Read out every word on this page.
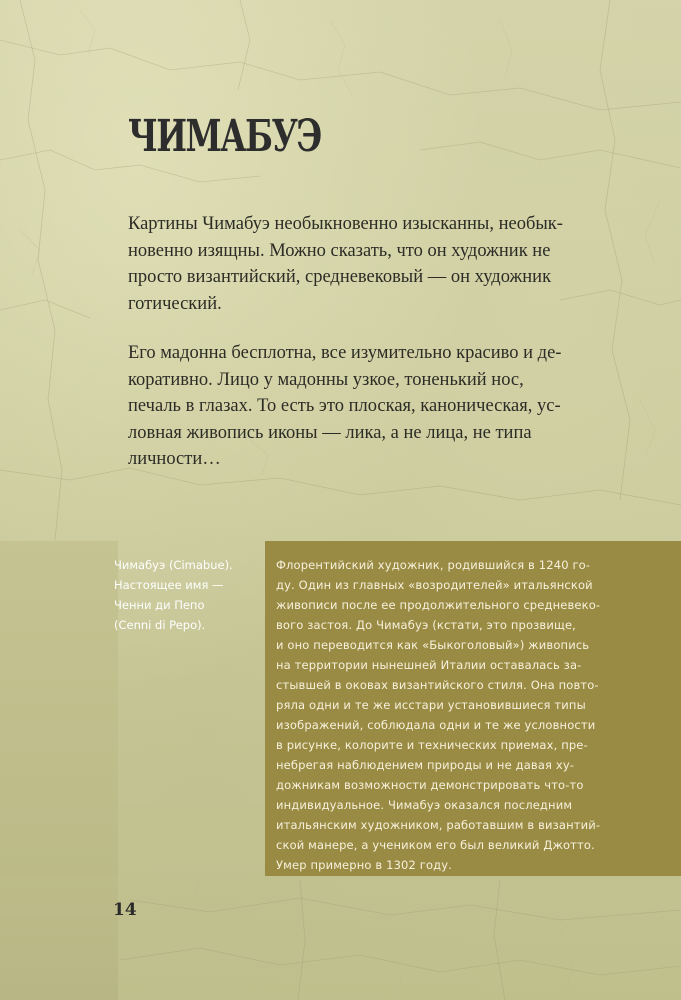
ЧИМАБУЭ

Картины Чимабуэ необыкновенно изысканны, необык-
новенно изящны. Можно сказать, что он художник не
просто византийский, средневековый — он художник
готический.

Его мадонна бесплотна, все изумительно красиво и де-
коративно. Лицо у мадонны узкое, тоненький нос,
печаль в глазах. То есть это плоская, каноническая, ус-
ловная живопись иконы — лика, а не лица, не типа
личности…

Чимабуэ (Cimabue).
Настоящее имя —
Ченни ди Пепо
(Cenni di Pepo).

Флорентийский художник, родившийся в 1240 го-
ду. Один из главных «возродителей» итальянской
живописи после ее продолжительного средневеко-
вого застоя. До Чимабуэ (кстати, это прозвище,
и оно переводится как «Быкоголовый») живопись
на территории нынешней Италии оставалась за-
стывшей в оковах византийского стиля. Она повто-
ряла одни и те же исстари установившиеся типы
изображений, соблюдала одни и те же условности
в рисунке, колорите и технических приемах, пре-
небрегая наблюдением природы и не давая ху-
дожникам возможности демонстрировать что-то
индивидуальное. Чимабуэ оказался последним
итальянским художником, работавшим в византий-
ской манере, а учеником его был великий Джотто.
Умер примерно в 1302 году.

14
